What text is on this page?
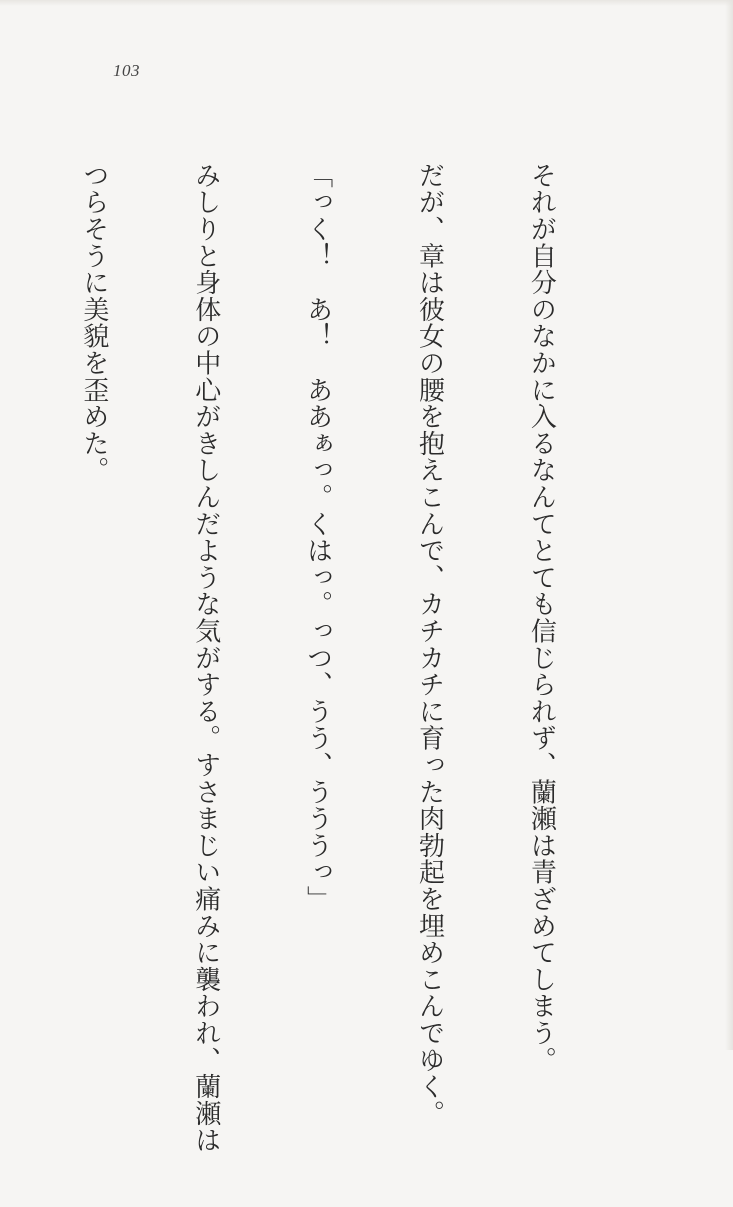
103

それが自分のなかに入るなんてとても信じられず、蘭瀬は青ざめてしまう。

だが、章は彼女の腰を抱えこんで、カチカチに育った肉勃起を埋めこんでゆく。

「っく！　あ！　ああぁっ。くはっ。っつ、うう、うううっ」

みしりと身体の中心がきしんだような気がする。すさまじい痛みに襲われ、蘭瀬は

つらそうに美貌を歪めた。
